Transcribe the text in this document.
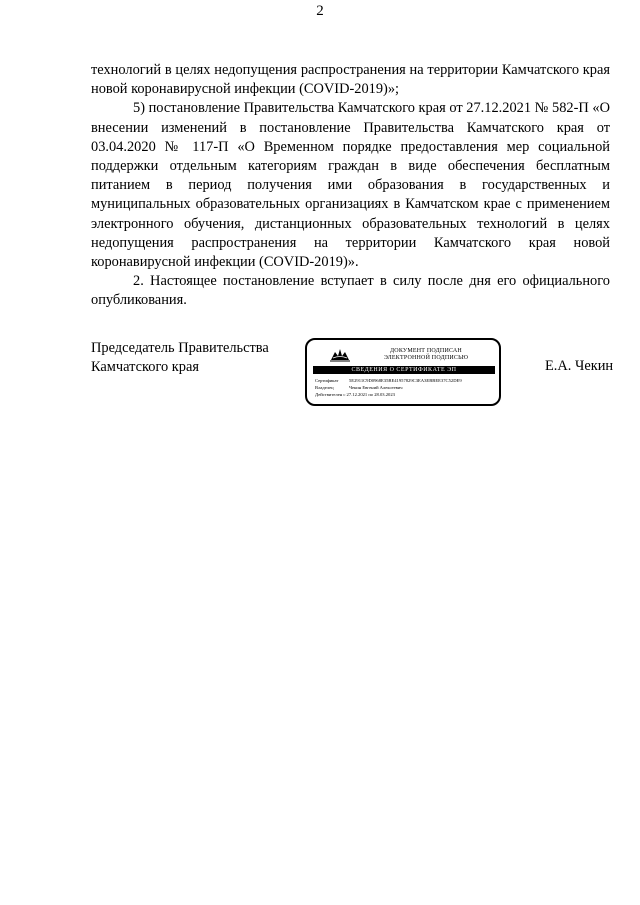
2

технологий в целях недопущения распространения на территории Камчатского края новой коронавирусной инфекции (COVID-2019)»;

5) постановление Правительства Камчатского края от 27.12.2021 № 582-П «О внесении изменений в постановление Правительства Камчатского края от 03.04.2020 № 117-П «О Временном порядке предоставления мер социальной поддержки отдельным категориям граждан в виде обеспечения бесплатным питанием в период получения ими образования в государственных и муниципальных образовательных организациях в Камчатском крае с применением электронного обучения, дистанционных образовательных технологий в целях недопущения распространения на территории Камчатского края новой коронавирусной инфекции (COVID-2019)».

2. Настоящее постановление вступает в силу после дня его официального опубликования.

Председатель Правительства
Камчатского края	Е.А. Чекин
ДОКУМЕНТ ПОДПИСАН
ЭЛЕКТРОННОЙ ПОДПИСЬЮ
СВЕДЕНИЯ О СЕРТИФИКАТЕ ЭП
Сертификат 5E2911C9D0968E35BE41957829C3EA3EBBEE37C52DE9
Владелец	Чекин Евгений Алексеевич
Действителен с 27.12.2021 по 28.03.2023
